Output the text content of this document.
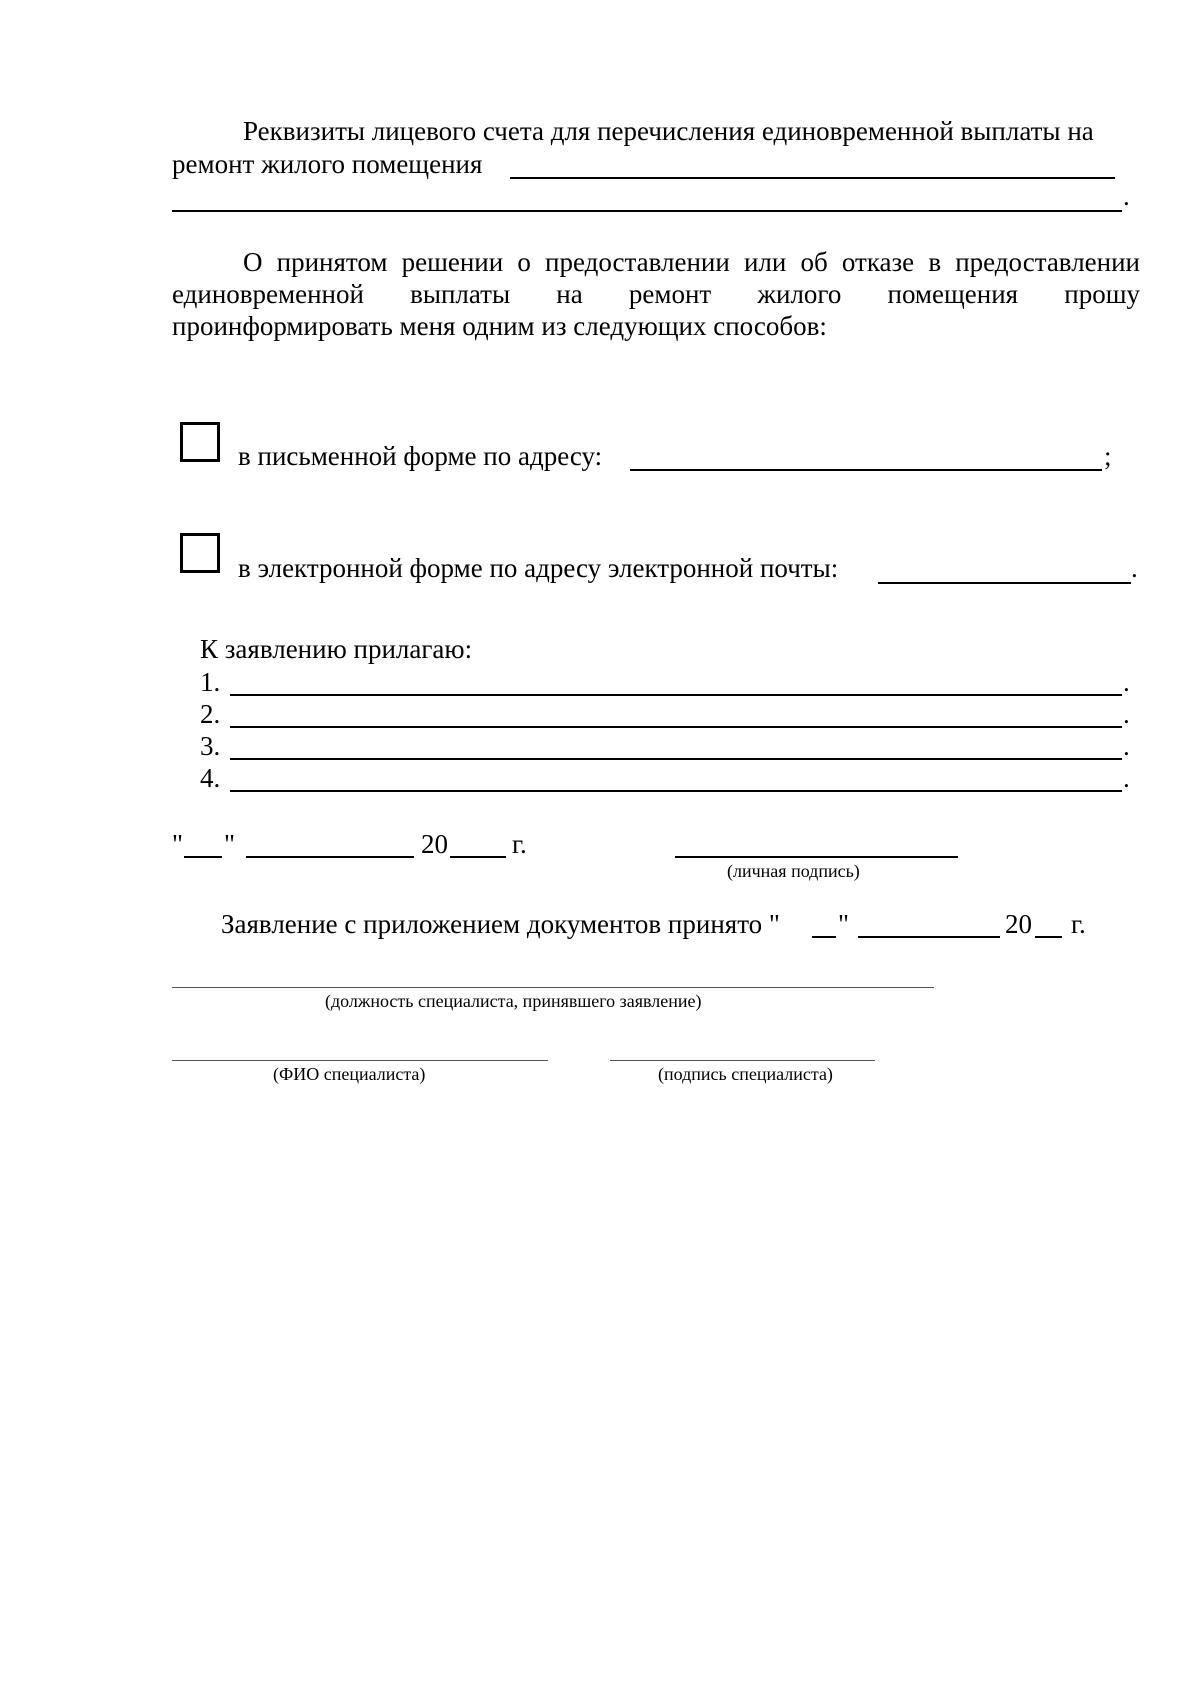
Реквизиты лицевого счета для перечисления единовременной выплаты на
ремонт жилого помещения
.
О принятом решении о предоставлении или об отказе в предоставлении
единовременной выплаты на ремонт жилого помещения прошу
проинформировать меня одним из следующих способов:
в письменной форме по адресу:	;
в электронной форме по адресу электронной почты:	.
К заявлению прилагаю:
1.	.
2.	.
3.	.
4.	.
" "	20 г.
(личная подпись)
Заявление с приложением документов принято " "	20 г.
(должность специалиста, принявшего заявление)
(ФИО специалиста)	(подпись специалиста)
